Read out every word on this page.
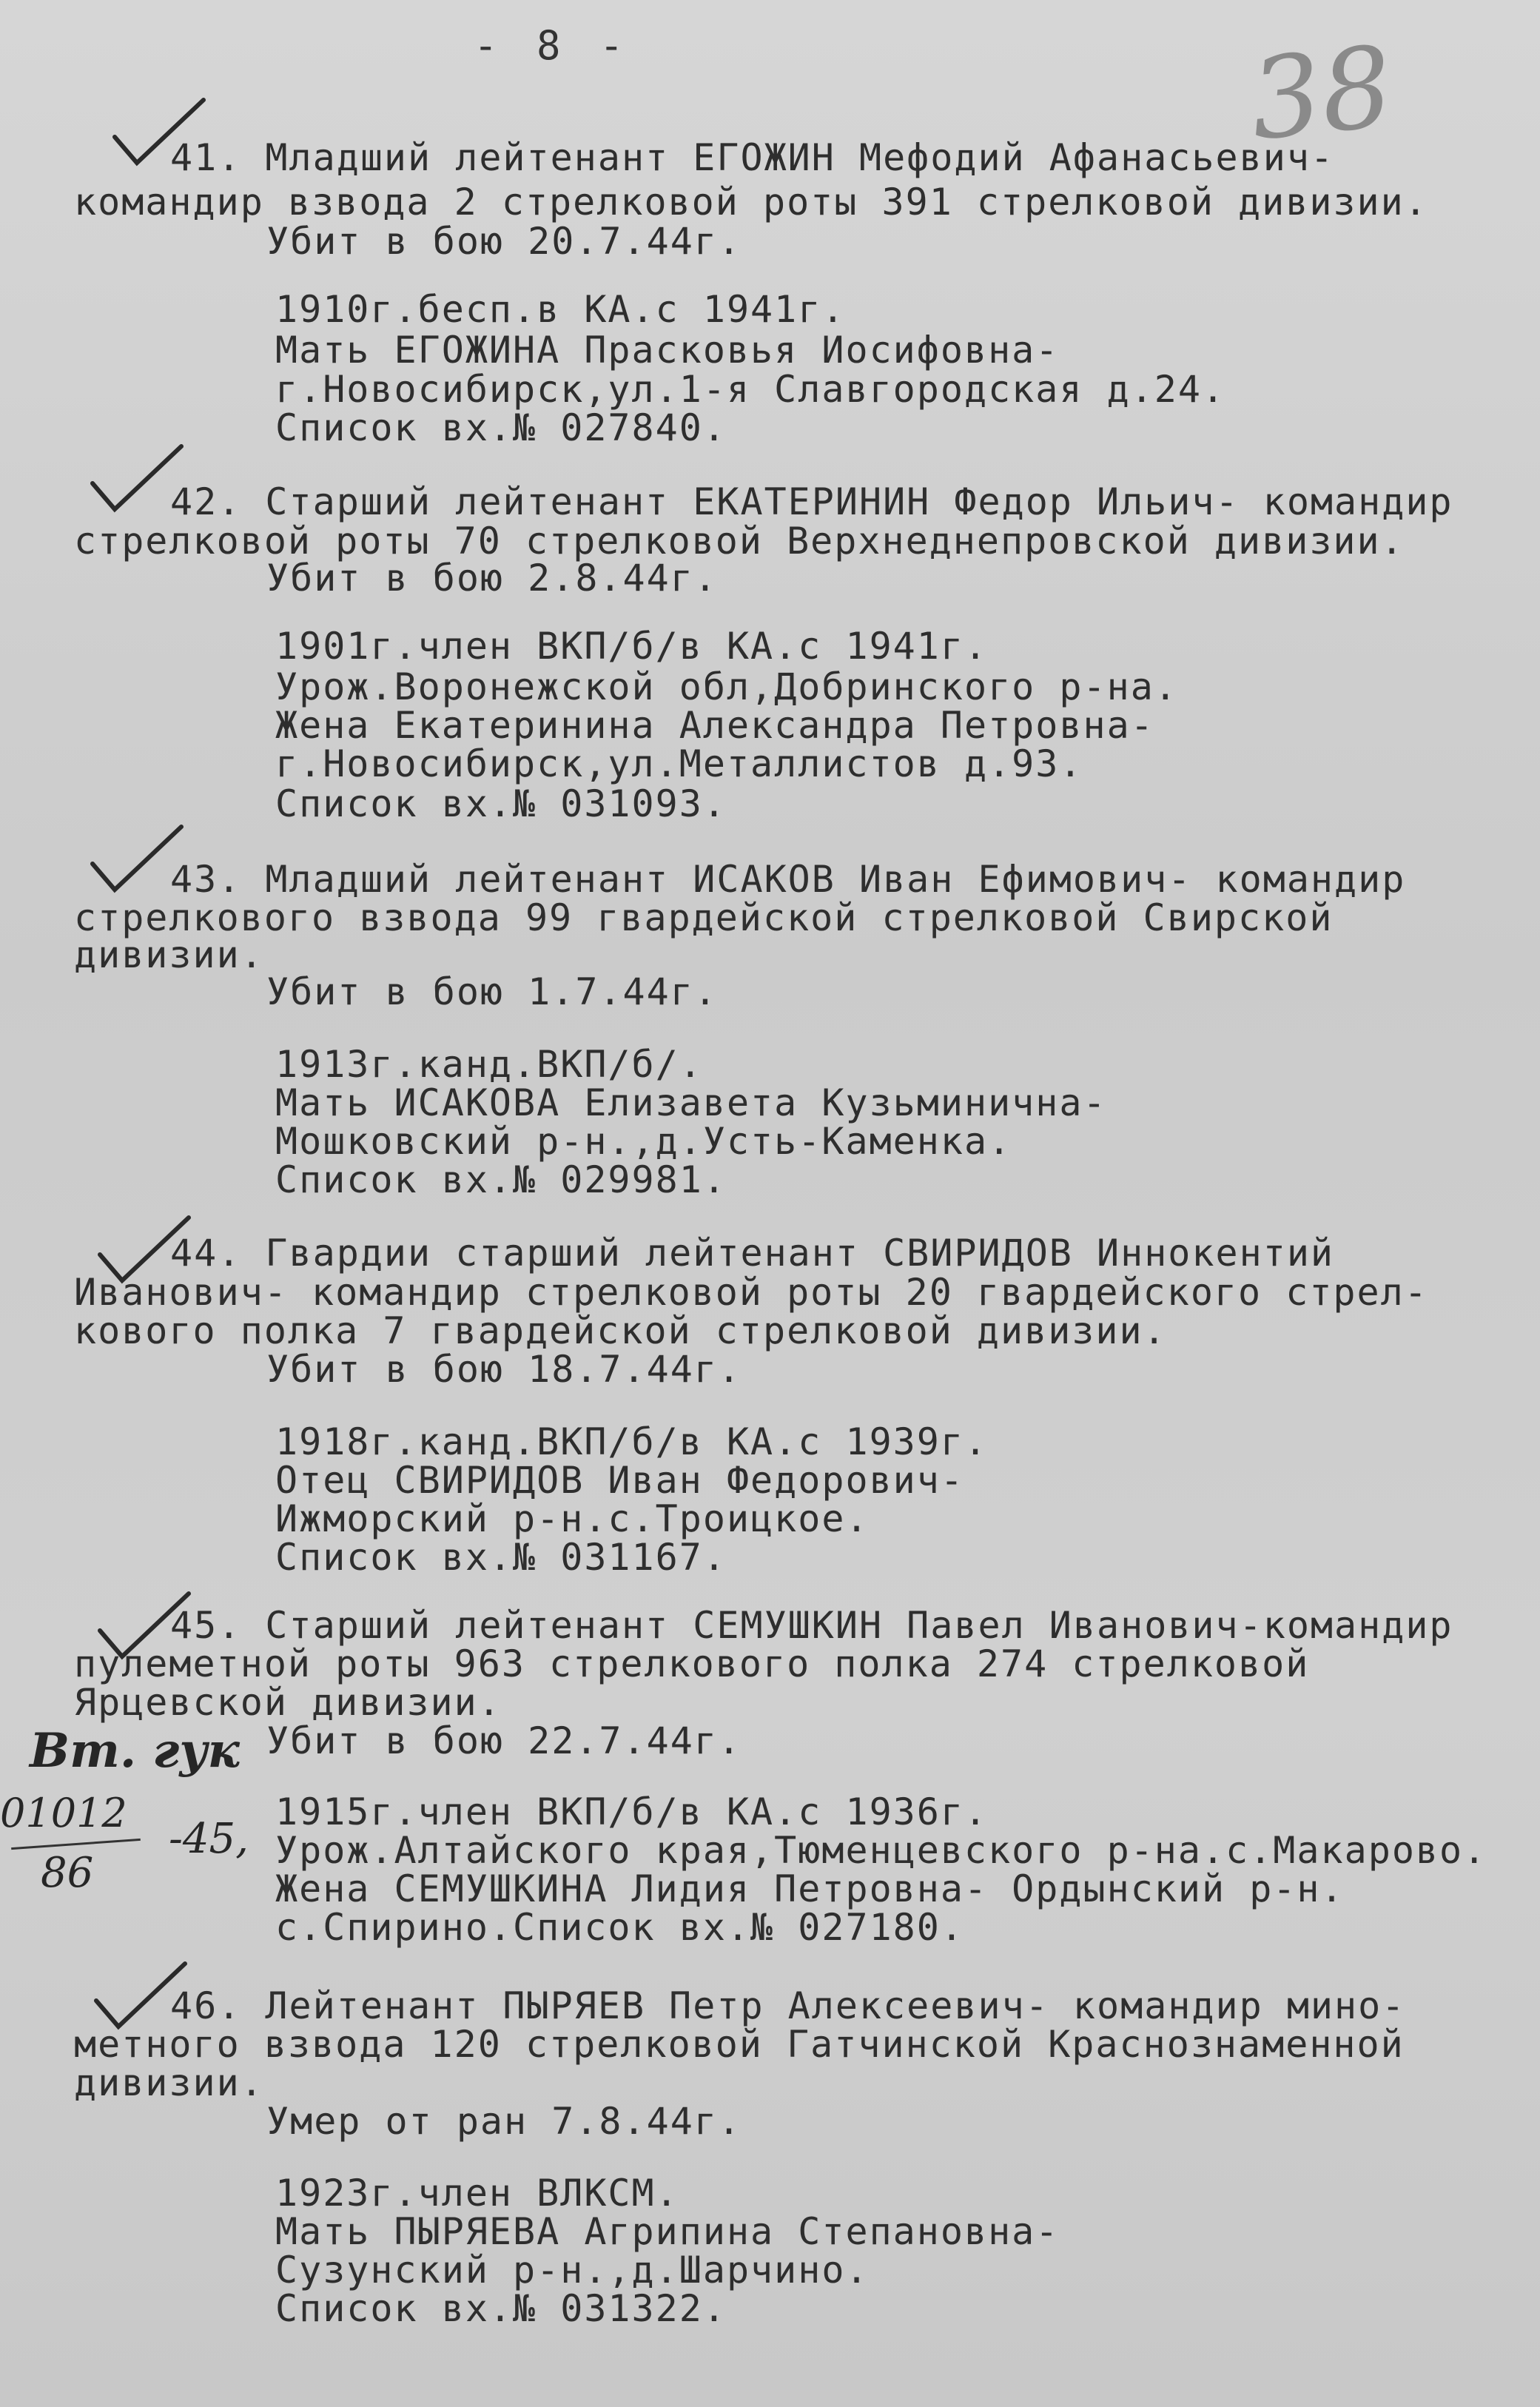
- 8 -	38
41. Младший лейтенант ЕГОЖИН Мефодий Афанасьевич-
командир взвода 2 стрелковой роты 391 стрелковой дивизии.
Убит в бою 20.7.44г.
1910г.бесп.в КА.с 1941г.
Мать ЕГОЖИНА Прасковья Иосифовна-
г.Новосибирск,ул.1-я Славгородская д.24.
Список вх.№ 027840.
42. Старший лейтенант ЕКАТЕРИНИН Федор Ильич- командир
стрелковой роты 70 стрелковой Верхнеднепровской дивизии.
Убит в бою 2.8.44г.
1901г.член ВКП/б/в КА.с 1941г.
Урож.Воронежской обл,Добринского р-на.
Жена Екатеринина Александра Петровна-
г.Новосибирск,ул.Металлистов д.93.
Список вх.№ 031093.
43. Младший лейтенант ИСАКОВ Иван Ефимович- командир
стрелкового взвода 99 гвардейской стрелковой Свирской
дивизии.
Убит в бою 1.7.44г.
1913г.канд.ВКП/б/.
Мать ИСАКОВА Елизавета Кузьминична-
Мошковский р-н.,д.Усть-Каменка.
Список вх.№ 029981.
44. Гвардии старший лейтенант СВИРИДОВ Иннокентий
Иванович- командир стрелковой роты 20 гвардейского стрел-
кового полка 7 гвардейской стрелковой дивизии.
Убит в бою 18.7.44г.
1918г.канд.ВКП/б/в КА.с 1939г.
Отец СВИРИДОВ Иван Федорович-
Ижморский р-н.с.Троицкое.
Список вх.№ 031167.
45. Старший лейтенант СЕМУШКИН Павел Иванович-командир
пулеметной роты 963 стрелкового полка 274 стрелковой
Ярцевской дивизии.
Убит в бою 22.7.44г.
1915г.член ВКП/б/в КА.с 1936г.
Урож.Алтайского края,Тюменцевского р-на.с.Макарово.
Жена СЕМУШКИНА Лидия Петровна- Ордынский р-н.
с.Спирино.Список вх.№ 027180.
Вт. гук
01012
86
-45,
46. Лейтенант ПЫРЯЕВ Петр Алексеевич- командир мино-
метного взвода 120 стрелковой Гатчинской Краснознаменной
дивизии.
Умер от ран 7.8.44г.
1923г.член ВЛКСМ.
Мать ПЫРЯЕВА Агрипина Степановна-
Сузунский р-н.,д.Шарчино.
Список вх.№ 031322.
